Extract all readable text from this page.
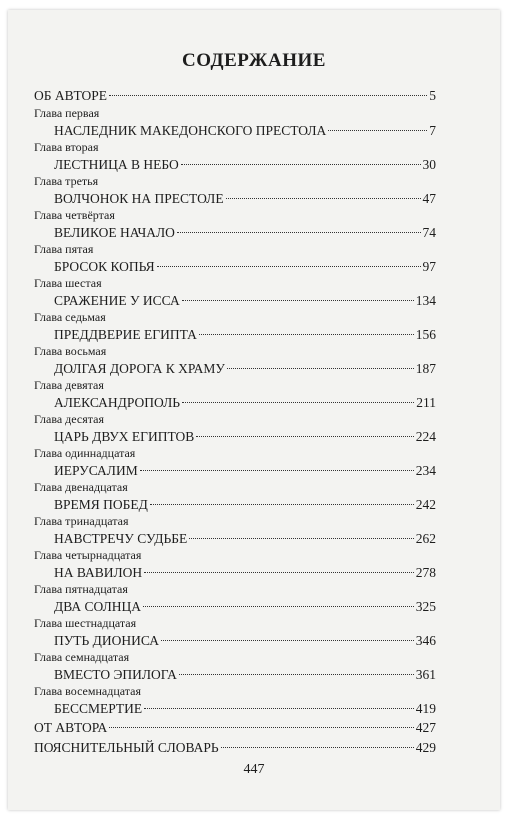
СОДЕРЖАНИЕ
ОБ АВТОРЕ	5
Глава первая
НАСЛЕДНИК МАКЕДОНСКОГО ПРЕСТОЛА	7
Глава вторая
ЛЕСТНИЦА В НЕБО	30
Глава третья
ВОЛЧОНОК НА ПРЕСТОЛЕ	47
Глава четвёртая
ВЕЛИКОЕ НАЧАЛО	74
Глава пятая
БРОСОК КОПЬЯ	97
Глава шестая
СРАЖЕНИЕ У ИССА	134
Глава седьмая
ПРЕДДВЕРИЕ ЕГИПТА	156
Глава восьмая
ДОЛГАЯ ДОРОГА К ХРАМУ	187
Глава девятая
АЛЕКСАНДРОПОЛЬ	211
Глава десятая
ЦАРЬ ДВУХ ЕГИПТОВ	224
Глава одиннадцатая
ИЕРУСАЛИМ	234
Глава двенадцатая
ВРЕМЯ ПОБЕД	242
Глава тринадцатая
НАВСТРЕЧУ СУДЬБЕ	262
Глава четырнадцатая
НА ВАВИЛОН	278
Глава пятнадцатая
ДВА СОЛНЦА	325
Глава шестнадцатая
ПУТЬ ДИОНИСА	346
Глава семнадцатая
ВМЕСТО ЭПИЛОГА	361
Глава восемнадцатая
БЕССМЕРТИЕ	419
ОТ АВТОРА	427
ПОЯСНИТЕЛЬНЫЙ СЛОВАРЬ	429
447
